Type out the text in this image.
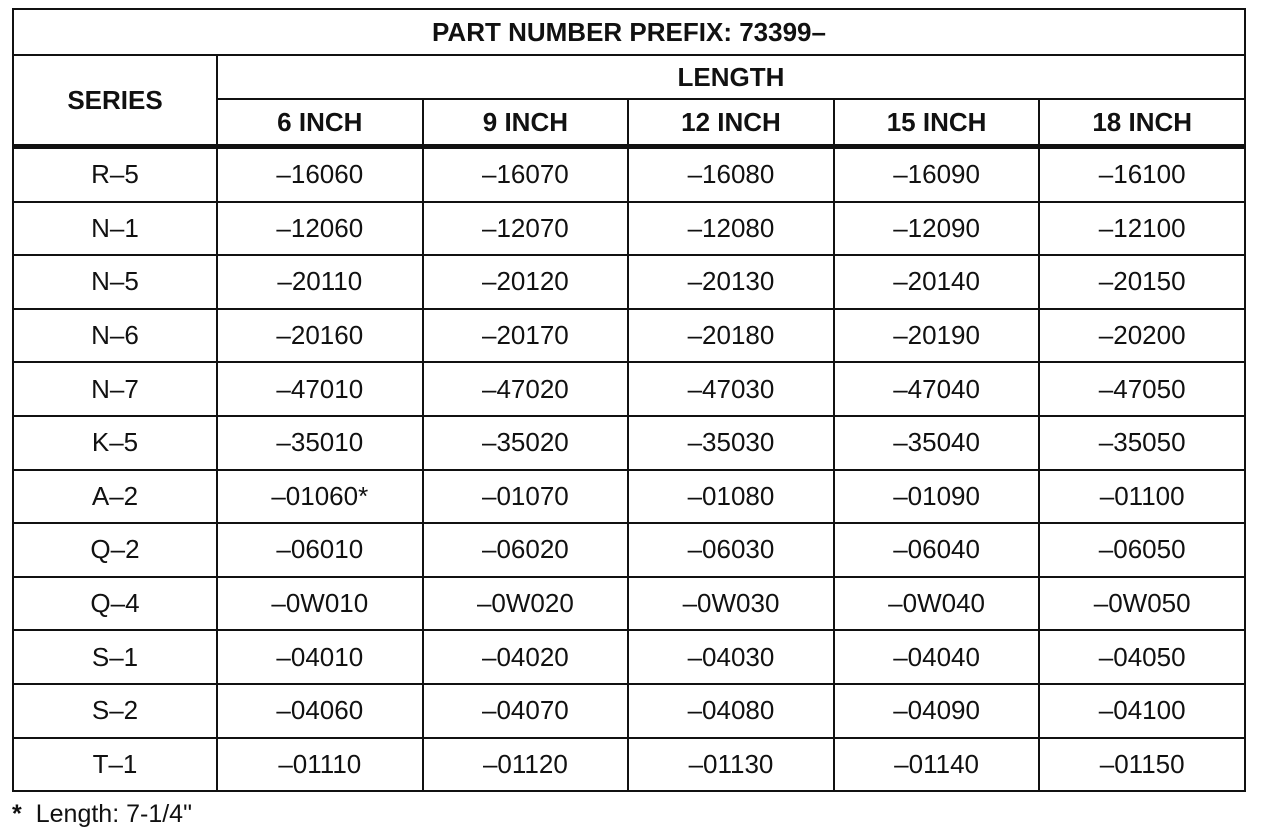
PART NUMBER PREFIX: 73399–					
SERIES	LENGTH				
	6 INCH	9 INCH	12 INCH	15 INCH	18 INCH
R–5	–16060	–16070	–16080	–16090	–16100
N–1	–12060	–12070	–12080	–12090	–12100
N–5	–20110	–20120	–20130	–20140	–20150
N–6	–20160	–20170	–20180	–20190	–20200
N–7	–47010	–47020	–47030	–47040	–47050
K–5	–35010	–35020	–35030	–35040	–35050
A–2	–01060*	–01070	–01080	–01090	–01100
Q–2	–06010	–06020	–06030	–06040	–06050
Q–4	–0W010	–0W020	–0W030	–0W040	–0W050
S–1	–04010	–04020	–04030	–04040	–04050
S–2	–04060	–04070	–04080	–04090	–04100
T–1	–01110	–01120	–01130	–01140	–01150
* Length: 7-1/4"
